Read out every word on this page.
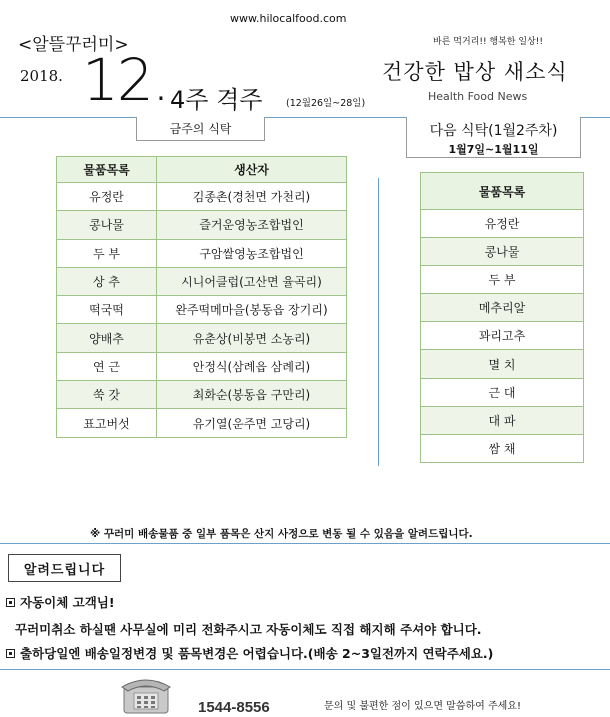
www.hilocalfood.com
<알뜰꾸러미>	바른 먹거리!! 행복한 일상!!
2018. 12. 4주 격주 (12월26일~28일)
건강한 밥상 새소식
Health Food News
금주의 식탁	다음 식탁(1월2주차)
1월7일~1월11일
물품목록	생산자
유정란	김종촌(경천면 가천리)
콩나물	즐거운영농조합법인
두 부	구암쌀영농조합법인
상 추	시니어클럽(고산면 율곡리)
떡국떡	완주떡메마을(봉동읍 장기리)
양배추	유춘상(비봉면 소농리)
연 근	안정식(삼례읍 삼례리)
쑥 갓	최화순(봉동읍 구만리)
표고버섯	유기열(운주면 고당리)
물품목록
유정란
콩나물
두 부
메추리알
꽈리고추
멸 치
근 대
대 파
쌈 채
※ 꾸러미 배송물품 중 일부 품목은 산지 사정으로 변동 될 수 있음을 알려드립니다.
알려드립니다
자동이체 고객님!
꾸러미취소 하실땐 사무실에 미리 전화주시고 자동이체도 직접 해지해 주셔야 합니다.
출하당일엔 배송일정변경 및 품목변경은 어렵습니다.(배송 2~3일전까지 연락주세요.)
1544-8556	문의 및 불편한 점이 있으면 말씀하여 주세요!
